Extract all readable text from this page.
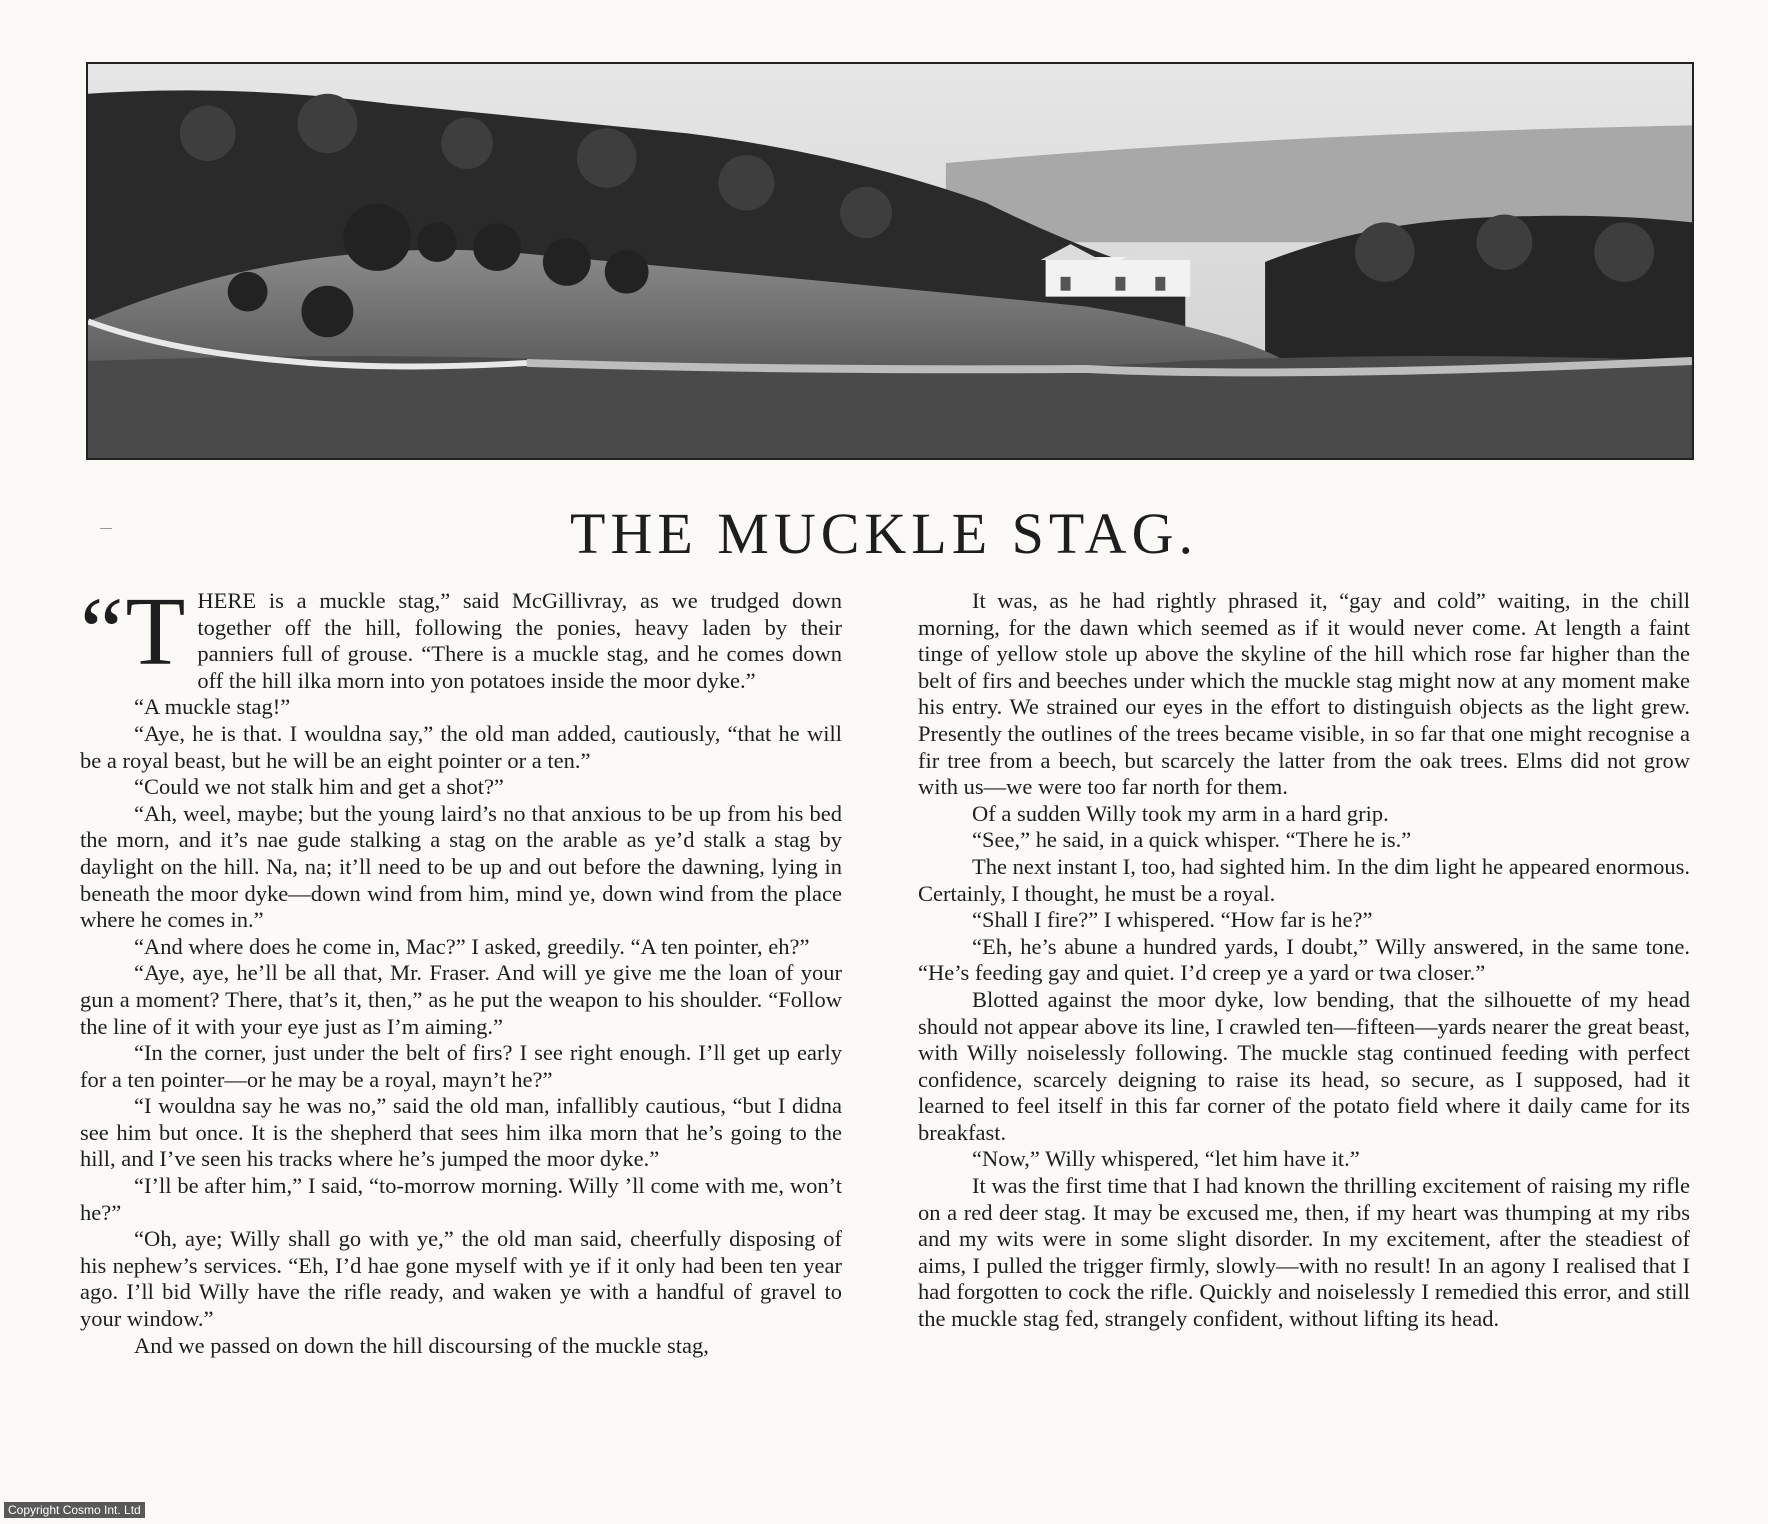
THE MUCKLE STAG.

“ T HERE is a muckle stag,” said McGillivray, as we trudged down together off the hill, following the ponies, heavy laden by their panniers full of grouse. “There is a muckle stag, and he comes down off the hill ilka morn into yon potatoes inside the moor dyke.”

“A muckle stag!”

“Aye, he is that. I wouldna say,” the old man added, cautiously, “that he will be a royal beast, but he will be an eight pointer or a ten.”

“Could we not stalk him and get a shot?”

“Ah, weel, maybe; but the young laird’s no that anxious to be up from his bed the morn, and it’s nae gude stalking a stag on the arable as ye’d stalk a stag by daylight on the hill. Na, na; it’ll need to be up and out before the dawning, lying in beneath the moor dyke—down wind from him, mind ye, down wind from the place where he comes in.”

“And where does he come in, Mac?” I asked, greedily. “A ten pointer, eh?”

“Aye, aye, he’ll be all that, Mr. Fraser. And will ye give me the loan of your gun a moment? There, that’s it, then,” as he put the weapon to his shoulder. “Follow the line of it with your eye just as I’m aiming.”

“In the corner, just under the belt of firs? I see right enough. I’ll get up early for a ten pointer—or he may be a royal, mayn’t he?”

“I wouldna say he was no,” said the old man, infallibly cautious, “but I didna see him but once. It is the shepherd that sees him ilka morn that he’s going to the hill, and I’ve seen his tracks where he’s jumped the moor dyke.”

“I’ll be after him,” I said, “to-morrow morning. Willy ’ll come with me, won’t he?”

“Oh, aye; Willy shall go with ye,” the old man said, cheerfully disposing of his nephew’s services. “Eh, I’d hae gone myself with ye if it only had been ten year ago. I’ll bid Willy have the rifle ready, and waken ye with a handful of gravel to your window.”

And we passed on down the hill discoursing of the muckle stag,

It was, as he had rightly phrased it, “gay and cold” waiting, in the chill morning, for the dawn which seemed as if it would never come. At length a faint tinge of yellow stole up above the skyline of the hill which rose far higher than the belt of firs and beeches under which the muckle stag might now at any moment make his entry. We strained our eyes in the effort to distinguish objects as the light grew. Presently the outlines of the trees became visible, in so far that one might recognise a fir tree from a beech, but scarcely the latter from the oak trees. Elms did not grow with us—we were too far north for them.

Of a sudden Willy took my arm in a hard grip.

“See,” he said, in a quick whisper. “There he is.”

The next instant I, too, had sighted him. In the dim light he appeared enormous. Certainly, I thought, he must be a royal.

“Shall I fire?” I whispered. “How far is he?”

“Eh, he’s abune a hundred yards, I doubt,” Willy answered, in the same tone. “He’s feeding gay and quiet. I’d creep ye a yard or twa closer.”

Blotted against the moor dyke, low bending, that the silhouette of my head should not appear above its line, I crawled ten—fifteen—yards nearer the great beast, with Willy noiselessly following. The muckle stag continued feeding with perfect confidence, scarcely deigning to raise its head, so secure, as I supposed, had it learned to feel itself in this far corner of the potato field where it daily came for its breakfast.

“Now,” Willy whispered, “let him have it.”

It was the first time that I had known the thrilling excitement of raising my rifle on a red deer stag. It may be excused me, then, if my heart was thumping at my ribs and my wits were in some slight disorder. In my excitement, after the steadiest of aims, I pulled the trigger firmly, slowly—with no result! In an agony I realised that I had forgotten to cock the rifle. Quickly and noiselessly I remedied this error, and still the muckle stag fed, strangely confident, without lifting its head.

Copyright Cosmo Int. Ltd
